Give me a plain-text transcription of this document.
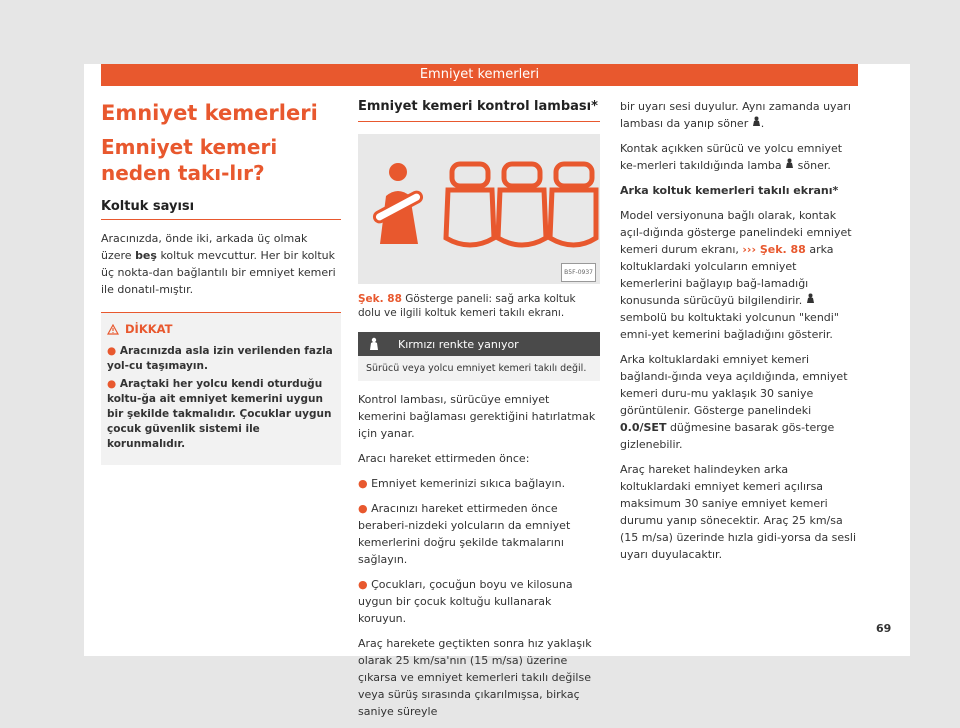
Emniyet kemerleri
Emniyet kemerleri
Emniyet kemeri neden takı-lır?
Koltuk sayısı

Aracınızda, önde iki, arkada üç olmak üzere beş koltuk mevcuttur. Her bir koltuk üç nokta-dan bağlantılı bir emniyet kemeri ile donatıl-mıştır.

DİKKAT
● Aracınızda asla izin verilenden fazla yol-cu taşımayın.
● Araçtaki her yolcu kendi oturduğu koltu-ğa ait emniyet kemerini uygun bir şekilde takmalıdır. Çocuklar uygun çocuk güvenlik sistemi ile korunmalıdır.
Emniyet kemeri kontrol lambası*
B5F-0937
Şek. 88 Gösterge paneli: sağ arka koltuk dolu ve ilgili koltuk kemeri takılı ekranı.
Kırmızı renkte yanıyor
Sürücü veya yolcu emniyet kemeri takılı değil.

Kontrol lambası, sürücüye emniyet kemerini bağlaması gerektiğini hatırlatmak için yanar.

Aracı hareket ettirmeden önce:

● Emniyet kemerinizi sıkıca bağlayın.

● Aracınızı hareket ettirmeden önce beraberi-nizdeki yolcuların da emniyet kemerlerini doğru şekilde takmalarını sağlayın.

● Çocukları, çocuğun boyu ve kilosuna uygun bir çocuk koltuğu kullanarak koruyun.

Araç harekete geçtikten sonra hız yaklaşık olarak 25 km/sa'nın (15 m/sa) üzerine çıkarsa ve emniyet kemerleri takılı değilse veya sürüş sırasında çıkarılmışsa, birkaç saniye süreyle

bir uyarı sesi duyulur. Aynı zamanda uyarı lambası da yanıp söner .

Kontak açıkken sürücü ve yolcu emniyet ke-merleri takıldığında lamba söner.

Arka koltuk kemerleri takılı ekranı*

Model versiyonuna bağlı olarak, kontak açıl-dığında gösterge panelindeki emniyet kemeri durum ekranı, ››› Şek. 88 arka koltuklardaki yolcuların emniyet kemerlerini bağlayıp bağ-lamadığı konusunda sürücüyü bilgilendirir.  sembolü bu koltuktaki yolcunun "kendi" emni-yet kemerini bağladığını gösterir.

Arka koltuklardaki emniyet kemeri bağlandı-ğında veya açıldığında, emniyet kemeri duru-mu yaklaşık 30 saniye görüntülenir. Gösterge panelindeki 0.0/SET düğmesine basarak gös-terge gizlenebilir.

Araç hareket halindeyken arka koltuklardaki emniyet kemeri açılırsa maksimum 30 saniye emniyet kemeri durumu yanıp sönecektir. Araç 25 km/sa (15 m/sa) üzerinde hızla gidi-yorsa da sesli uyarı duyulacaktır.

69
